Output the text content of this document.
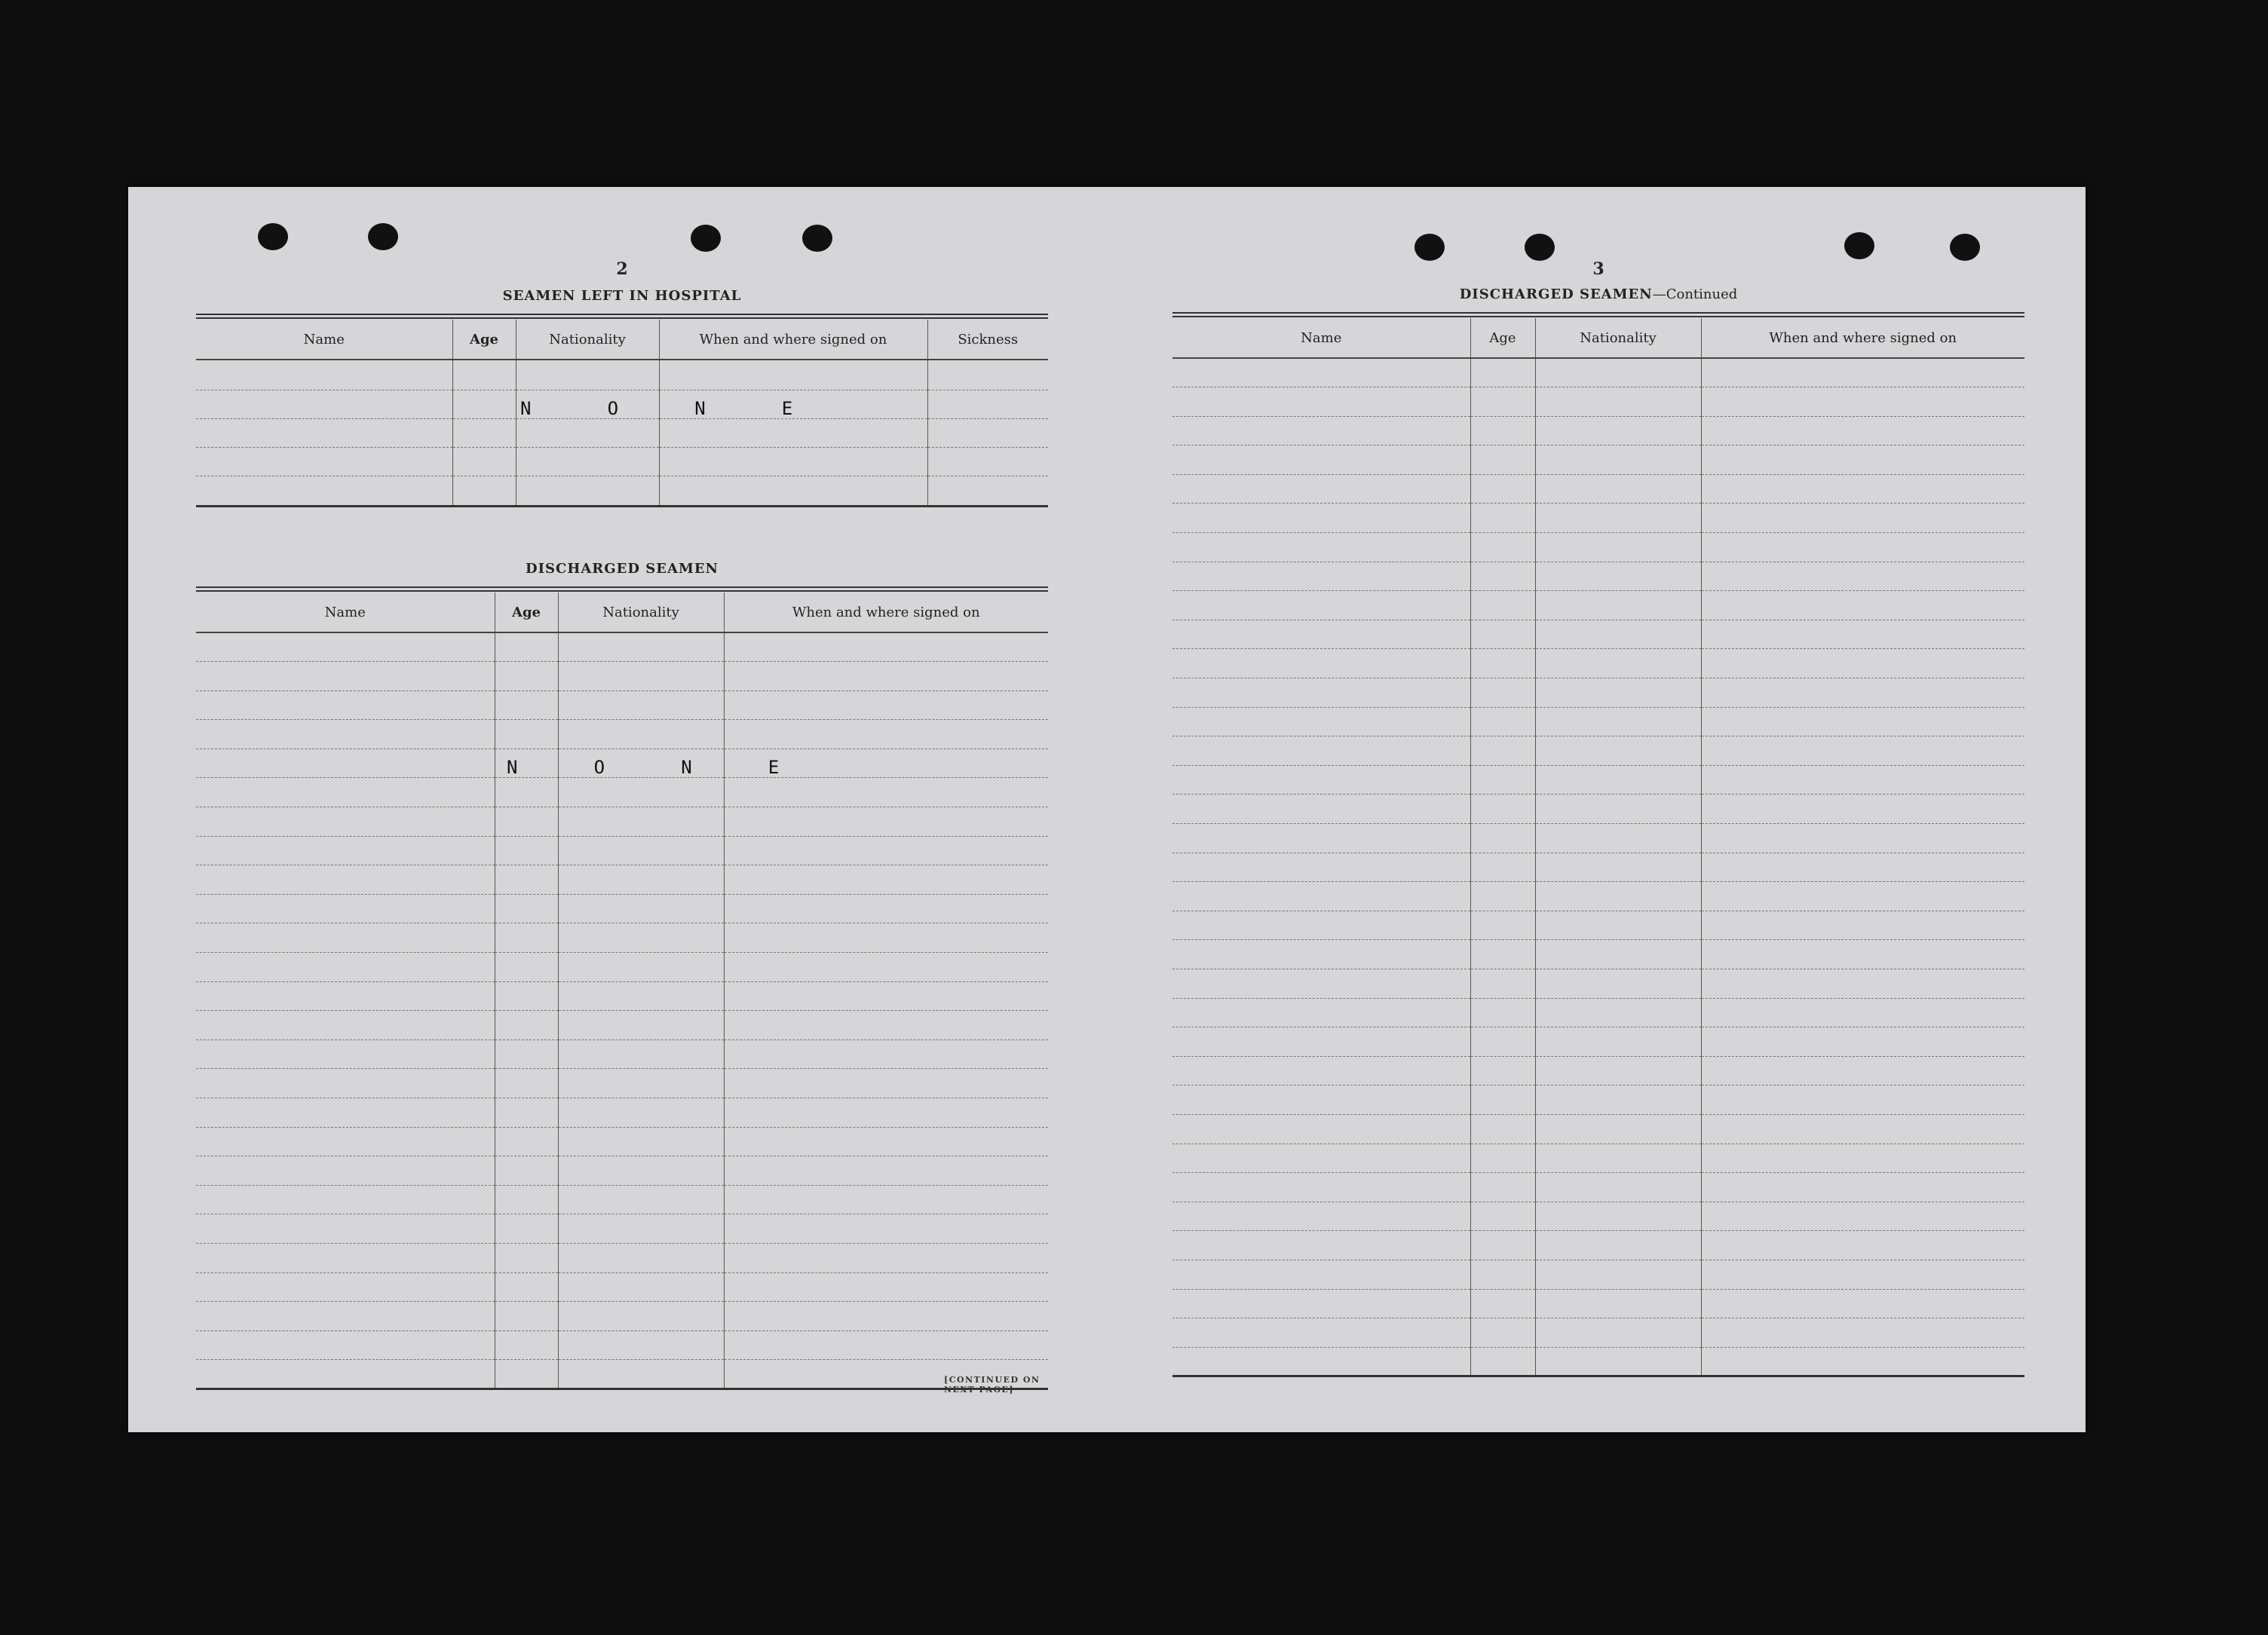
2
SEAMEN LEFT IN HOSPITAL
Name	Age	Nationality	When and where signed on	Sickness

N       O       N       E
DISCHARGED SEAMEN
Name	Age	Nationality	When and where signed on

N       O       N       E
[CONTINUED ON NEXT PAGE]
3
DISCHARGED SEAMEN—Continued
Name	Age	Nationality	When and where signed on
